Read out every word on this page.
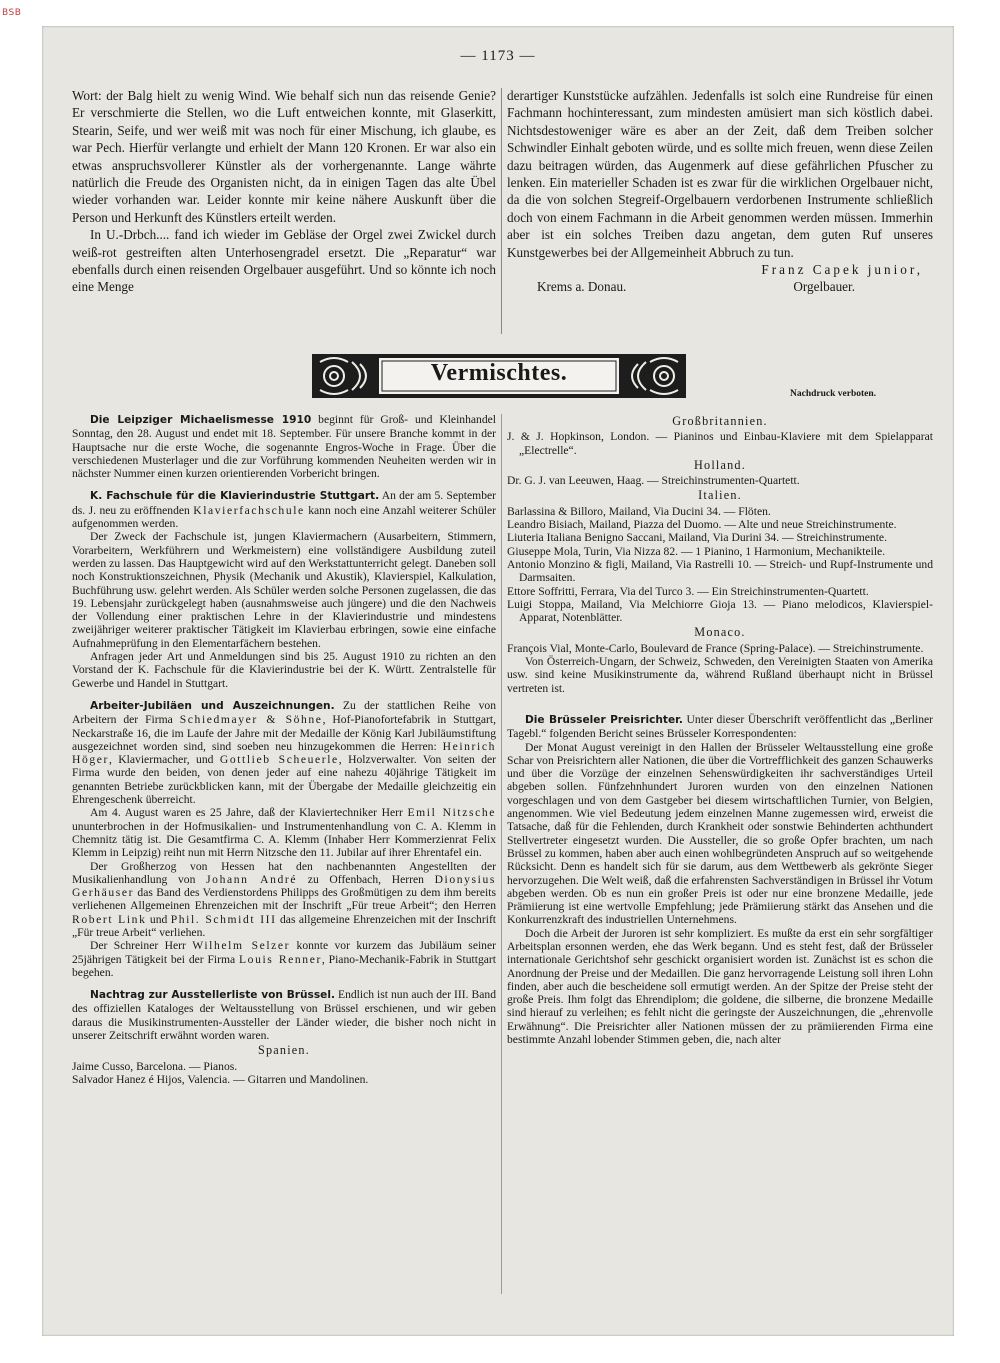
BSB
— 1173 —

Wort: der Balg hielt zu wenig Wind. Wie behalf sich nun das reisende Genie? Er verschmierte die Stellen, wo die Luft entweichen konnte, mit Glaserkitt, Stearin, Seife, und wer weiß mit was noch für einer Mischung, ich glaube, es war Pech. Hierfür verlangte und erhielt der Mann 120 Kronen. Er war also ein etwas anspruchsvollerer Künstler als der vorhergenannte. Lange währte natürlich die Freude des Organisten nicht, da in einigen Tagen das alte Übel wieder vorhanden war. Leider konnte mir keine nähere Auskunft über die Person und Herkunft des Künstlers erteilt werden.

In U.-Drbch.... fand ich wieder im Gebläse der Orgel zwei Zwickel durch weiß-rot gestreiften alten Unterhosengradel ersetzt. Die „Reparatur“ war ebenfalls durch einen reisenden Orgelbauer ausgeführt. Und so könnte ich noch eine Menge

derartiger Kunststücke aufzählen. Jedenfalls ist solch eine Rundreise für einen Fachmann hochinteressant, zum mindesten amüsiert man sich köstlich dabei. Nichtsdestoweniger wäre es aber an der Zeit, daß dem Treiben solcher Schwindler Einhalt geboten würde, und es sollte mich freuen, wenn diese Zeilen dazu beitragen würden, das Augenmerk auf diese gefährlichen Pfuscher zu lenken. Ein materieller Schaden ist es zwar für die wirklichen Orgelbauer nicht, da die von solchen Stegreif-Orgelbauern verdorbenen Instrumente schließlich doch von einem Fachmann in die Arbeit genommen werden müssen. Immerhin aber ist ein solches Treiben dazu angetan, dem guten Ruf unseres Kunstgewerbes bei der Allgemeinheit Abbruch zu tun.

Franz Capek junior,
Krems a. Donau.	Orgelbauer.
Vermischtes.
Nachdruck verboten.

Die Leipziger Michaelismesse 1910 beginnt für Groß- und Kleinhandel Sonntag, den 28. August und endet mit 18. September. Für unsere Branche kommt in der Hauptsache nur die erste Woche, die sogenannte Engros-Woche in Frage. Über die verschiedenen Musterlager und die zur Vorführung kommenden Neuheiten werden wir in nächster Nummer einen kurzen orientierenden Vorbericht bringen.

K. Fachschule für die Klavierindustrie Stuttgart. An der am 5. September ds. J. neu zu eröffnenden Klavierfachschule kann noch eine Anzahl weiterer Schüler aufgenommen werden.

Der Zweck der Fachschule ist, jungen Klaviermachern (Ausarbeitern, Stimmern, Vorarbeitern, Werkführern und Werkmeistern) eine vollständigere Ausbildung zuteil werden zu lassen. Das Hauptgewicht wird auf den Werkstattunterricht gelegt. Daneben soll noch Konstruktionszeichnen, Physik (Mechanik und Akustik), Klavierspiel, Kalkulation, Buchführung usw. gelehrt werden. Als Schüler werden solche Personen zugelassen, die das 19. Lebensjahr zurückgelegt haben (ausnahmsweise auch jüngere) und die den Nachweis der Vollendung einer praktischen Lehre in der Klavierindustrie und mindestens zweijähriger weiterer praktischer Tätigkeit im Klavierbau erbringen, sowie eine einfache Aufnahmeprüfung in den Elementarfächern bestehen.

Anfragen jeder Art und Anmeldungen sind bis 25. August 1910 zu richten an den Vorstand der K. Fachschule für die Klavierindustrie bei der K. Württ. Zentralstelle für Gewerbe und Handel in Stuttgart.

Arbeiter-Jubiläen und Auszeichnungen. Zu der stattlichen Reihe von Arbeitern der Firma Schiedmayer & Söhne, Hof-Pianofortefabrik in Stuttgart, Neckarstraße 16, die im Laufe der Jahre mit der Medaille der König Karl Jubiläumstiftung ausgezeichnet worden sind, sind soeben neu hinzugekommen die Herren: Heinrich Höger, Klaviermacher, und Gottlieb Scheuerle, Holzverwalter. Von seiten der Firma wurde den beiden, von denen jeder auf eine nahezu 40jährige Tätigkeit im genannten Betriebe zurückblicken kann, mit der Übergabe der Medaille gleichzeitig ein Ehrengeschenk überreicht.

Am 4. August waren es 25 Jahre, daß der Klaviertechniker Herr Emil Nitzsche ununterbrochen in der Hofmusikalien- und Instrumentenhandlung von C. A. Klemm in Chemnitz tätig ist. Die Gesamtfirma C. A. Klemm (Inhaber Herr Kommerzienrat Felix Klemm in Leipzig) reiht nun mit Herrn Nitzsche den 11. Jubilar auf ihrer Ehrentafel ein.

Der Großherzog von Hessen hat den nachbenannten Angestellten der Musikalienhandlung von Johann André zu Offenbach, Herren Dionysius Gerhäuser das Band des Verdienstordens Philipps des Großmütigen zu dem ihm bereits verliehenen Allgemeinen Ehrenzeichen mit der Inschrift „Für treue Arbeit“; den Herren Robert Link und Phil. Schmidt III das allgemeine Ehrenzeichen mit der Inschrift „Für treue Arbeit“ verliehen.

Der Schreiner Herr Wilhelm Selzer konnte vor kurzem das Jubiläum seiner 25jährigen Tätigkeit bei der Firma Louis Renner, Piano-Mechanik-Fabrik in Stuttgart begehen.

Nachtrag zur Ausstellerliste von Brüssel. Endlich ist nun auch der III. Band des offiziellen Kataloges der Weltausstellung von Brüssel erschienen, und wir geben daraus die Musikinstrumenten-Aussteller der Länder wieder, die bisher noch nicht in unserer Zeitschrift erwähnt worden waren.

Spanien.

Jaime Cusso, Barcelona. — Pianos.

Salvador Hanez é Hijos, Valencia. — Gitarren und Mandolinen.

Großbritannien.

J. & J. Hopkinson, London. — Pianinos und Einbau-Klaviere mit dem Spielapparat „Electrelle“.

Holland.

Dr. G. J. van Leeuwen, Haag. — Streichinstrumenten-Quartett.

Italien.

Barlassina & Billoro, Mailand, Via Ducini 34. — Flöten.

Leandro Bisiach, Mailand, Piazza del Duomo. — Alte und neue Streichinstrumente.

Liuteria Italiana Benigno Saccani, Mailand, Via Durini 34. — Streichinstrumente.

Giuseppe Mola, Turin, Via Nizza 82. — 1 Pianino, 1 Harmonium, Mechanikteile.

Antonio Monzino & figli, Mailand, Via Rastrelli 10. — Streich- und Rupf-Instrumente und Darmsaiten.

Ettore Soffritti, Ferrara, Via del Turco 3. — Ein Streichinstrumenten-Quartett.

Luigi Stoppa, Mailand, Via Melchiorre Gioja 13. — Piano melodicos, Klavierspiel-Apparat, Notenblätter.

Monaco.

François Vial, Monte-Carlo, Boulevard de France (Spring-Palace). — Streichinstrumente.

Von Österreich-Ungarn, der Schweiz, Schweden, den Vereinigten Staaten von Amerika usw. sind keine Musikinstrumente da, während Rußland überhaupt nicht in Brüssel vertreten ist.

Die Brüsseler Preisrichter. Unter dieser Überschrift veröffentlicht das „Berliner Tagebl.“ folgenden Bericht seines Brüsseler Korrespondenten:

Der Monat August vereinigt in den Hallen der Brüsseler Weltausstellung eine große Schar von Preisrichtern aller Nationen, die über die Vortrefflichkeit des ganzen Schauwerks und über die Vorzüge der einzelnen Sehenswürdigkeiten ihr sachverständiges Urteil abgeben sollen. Fünfzehnhundert Juroren wurden von den einzelnen Nationen vorgeschlagen und von dem Gastgeber bei diesem wirtschaftlichen Turnier, von Belgien, angenommen. Wie viel Bedeutung jedem einzelnen Manne zugemessen wird, erweist die Tatsache, daß für die Fehlenden, durch Krankheit oder sonstwie Behinderten achthundert Stellvertreter eingesetzt wurden. Die Aussteller, die so große Opfer brachten, um nach Brüssel zu kommen, haben aber auch einen wohlbegründeten Anspruch auf so weitgehende Rücksicht. Denn es handelt sich für sie darum, aus dem Wettbewerb als gekrönte Sieger hervorzugehen. Die Welt weiß, daß die erfahrensten Sachverständigen in Brüssel ihr Votum abgeben werden. Ob es nun ein großer Preis ist oder nur eine bronzene Medaille, jede Prämiierung ist eine wertvolle Empfehlung; jede Prämiierung stärkt das Ansehen und die Konkurrenzkraft des industriellen Unternehmens.

Doch die Arbeit der Juroren ist sehr kompliziert. Es mußte da erst ein sehr sorgfältiger Arbeitsplan ersonnen werden, ehe das Werk begann. Und es steht fest, daß der Brüsseler internationale Gerichtshof sehr geschickt organisiert worden ist. Zunächst ist es schon die Anordnung der Preise und der Medaillen. Die ganz hervorragende Leistung soll ihren Lohn finden, aber auch die bescheidene soll ermutigt werden. An der Spitze der Preise steht der große Preis. Ihm folgt das Ehrendiplom; die goldene, die silberne, die bronzene Medaille sind hierauf zu verleihen; es fehlt nicht die geringste der Auszeichnungen, die „ehrenvolle Erwähnung“. Die Preisrichter aller Nationen müssen der zu prämiierenden Firma eine bestimmte Anzahl lobender Stimmen geben, die, nach alter
